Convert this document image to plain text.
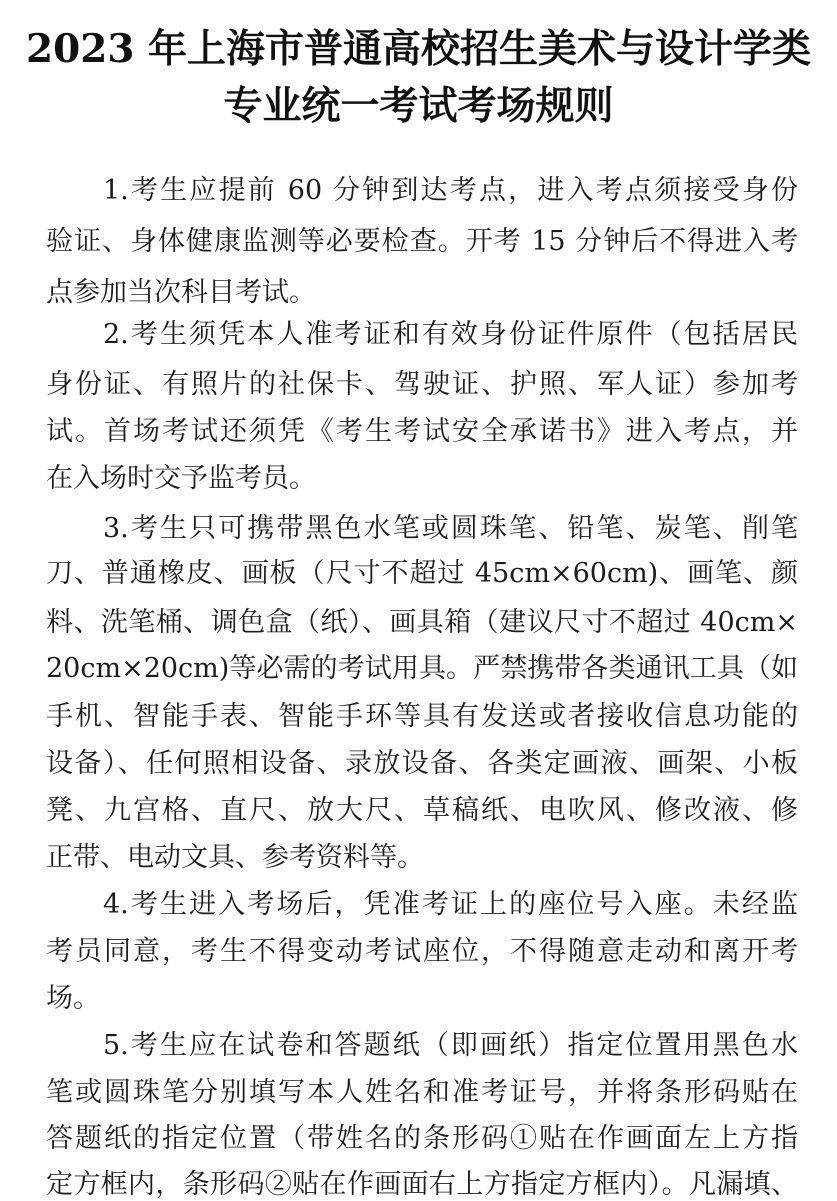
2023 年上海市普通高校招生美术与设计学类
专业统一考试考场规则
1.考生应提前 60 分钟到达考点，进入考点须接受身份
验证、身体健康监测等必要检查。开考 15 分钟后不得进入考
点参加当次科目考试。
2.考生须凭本人准考证和有效身份证件原件（包括居民
身份证、有照片的社保卡、驾驶证、护照、军人证）参加考
试。首场考试还须凭《考生考试安全承诺书》进入考点，并
在入场时交予监考员。
3.考生只可携带黑色水笔或圆珠笔、铅笔、炭笔、削笔
刀、普通橡皮、画板（尺寸不超过 45cm×60cm)、画笔、颜
料、洗笔桶、调色盒（纸）、画具箱（建议尺寸不超过 40cm×
20cm×20cm)等必需的考试用具。严禁携带各类通讯工具（如
手机、智能手表、智能手环等具有发送或者接收信息功能的
设备）、任何照相设备、录放设备、各类定画液、画架、小板
凳、九宫格、直尺、放大尺、草稿纸、电吹风、修改液、修
正带、电动文具、参考资料等。
4.考生进入考场后，凭准考证上的座位号入座。未经监
考员同意，考生不得变动考试座位，不得随意走动和离开考
场。
5.考生应在试卷和答题纸（即画纸）指定位置用黑色水
笔或圆珠笔分别填写本人姓名和准考证号，并将条形码贴在
答题纸的指定位置（带姓名的条形码①贴在作画面左上方指
定方框内，条形码②贴在作画面右上方指定方框内）。凡漏填、
